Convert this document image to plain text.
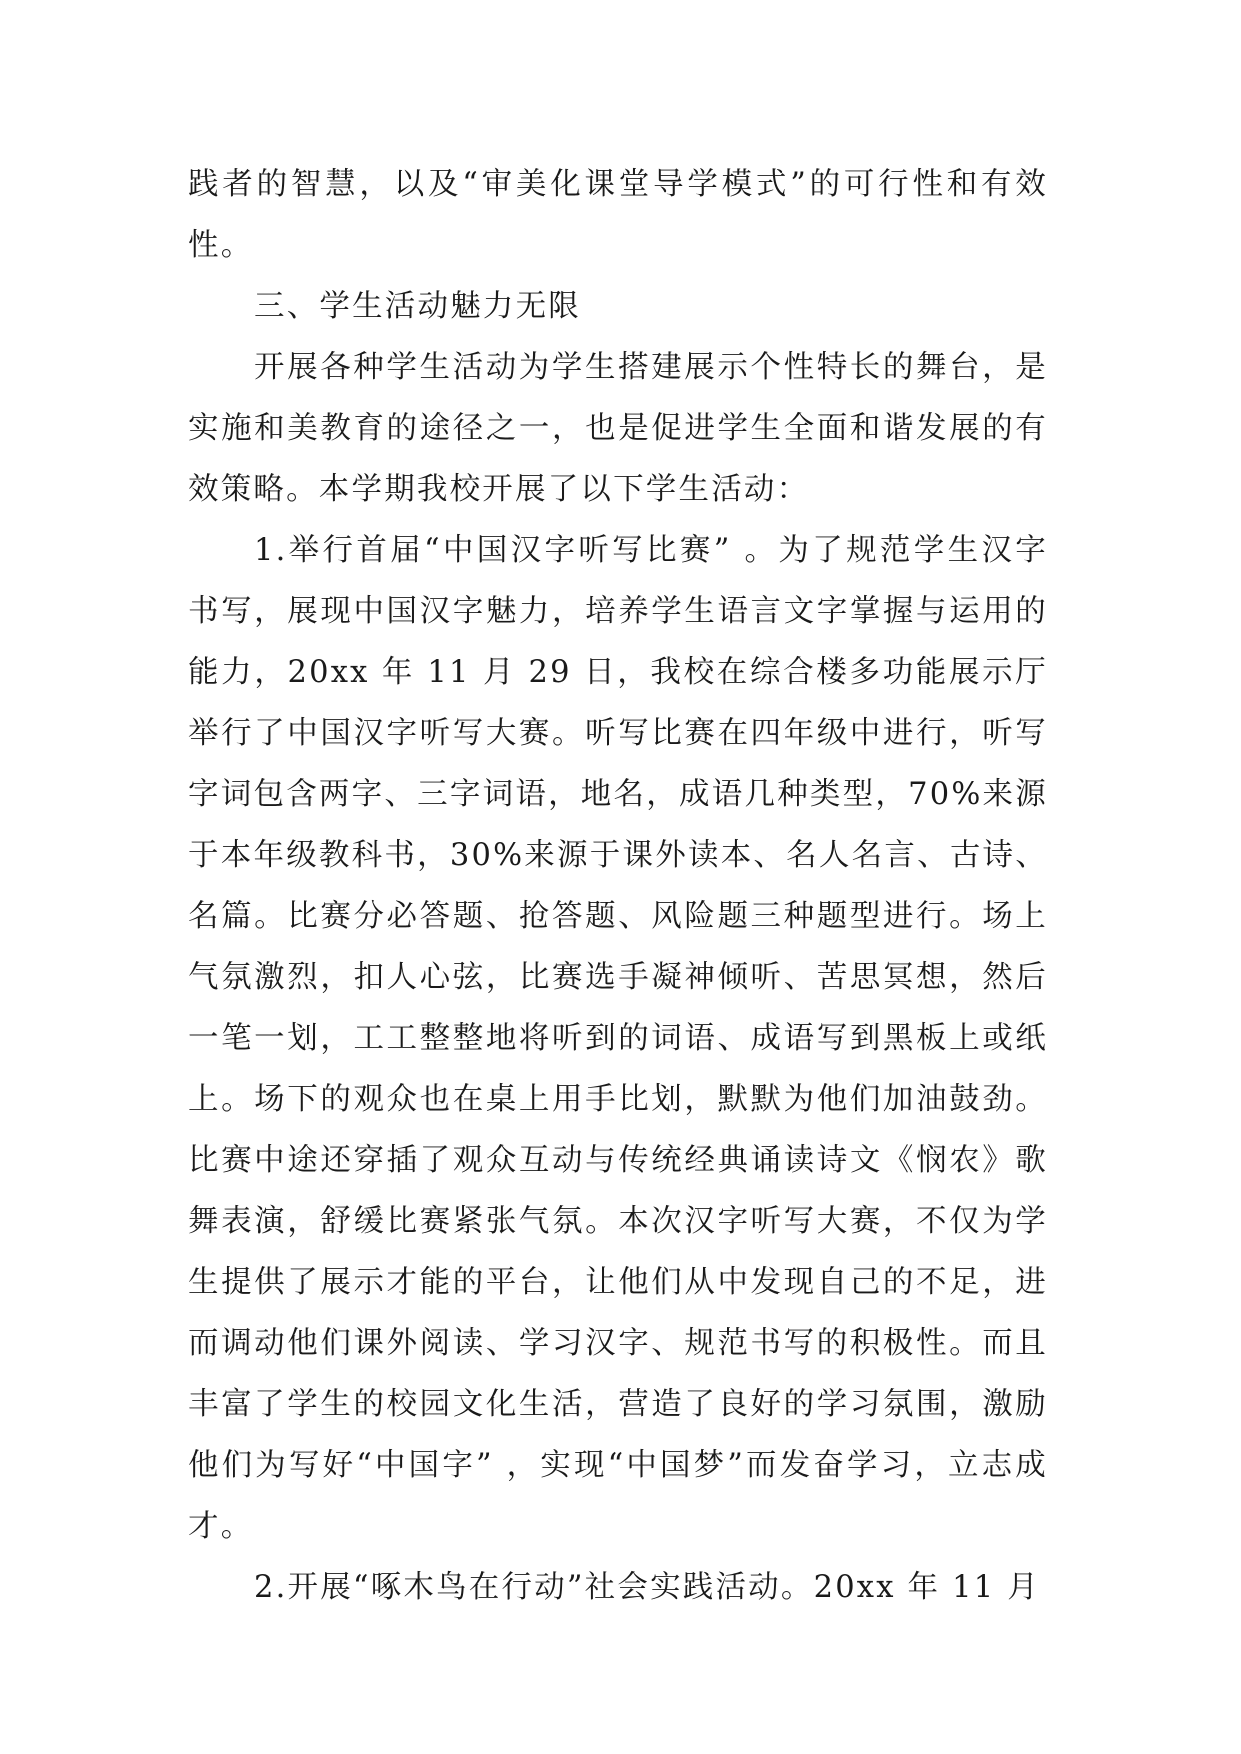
践者的智慧，以及“审美化课堂导学模式”的可行性和有效性。

三、学生活动魅力无限

开展各种学生活动为学生搭建展示个性特长的舞台，是实施和美教育的途径之一，也是促进学生全面和谐发展的有效策略。本学期我校开展了以下学生活动：

1.举行首届“中国汉字听写比赛” 。为了规范学生汉字书写，展现中国汉字魅力，培养学生语言文字掌握与运用的能力，20xx 年 11 月 29 日，我校在综合楼多功能展示厅举行了中国汉字听写大赛。听写比赛在四年级中进行，听写字词包含两字、三字词语，地名，成语几种类型，70%来源于本年级教科书，30%来源于课外读本、名人名言、古诗、名篇。比赛分必答题、抢答题、风险题三种题型进行。场上气氛激烈，扣人心弦，比赛选手凝神倾听、苦思冥想，然后一笔一划，工工整整地将听到的词语、成语写到黑板上或纸上。场下的观众也在桌上用手比划，默默为他们加油鼓劲。比赛中途还穿插了观众互动与传统经典诵读诗文《悯农》歌舞表演，舒缓比赛紧张气氛。本次汉字听写大赛，不仅为学生提供了展示才能的平台，让他们从中发现自己的不足，进而调动他们课外阅读、学习汉字、规范书写的积极性。而且丰富了学生的校园文化生活，营造了良好的学习氛围，激励他们为写好“中国字” ，实现“中国梦”而发奋学习，立志成才。

2.开展“啄木鸟在行动”社会实践活动。20xx 年 11 月
